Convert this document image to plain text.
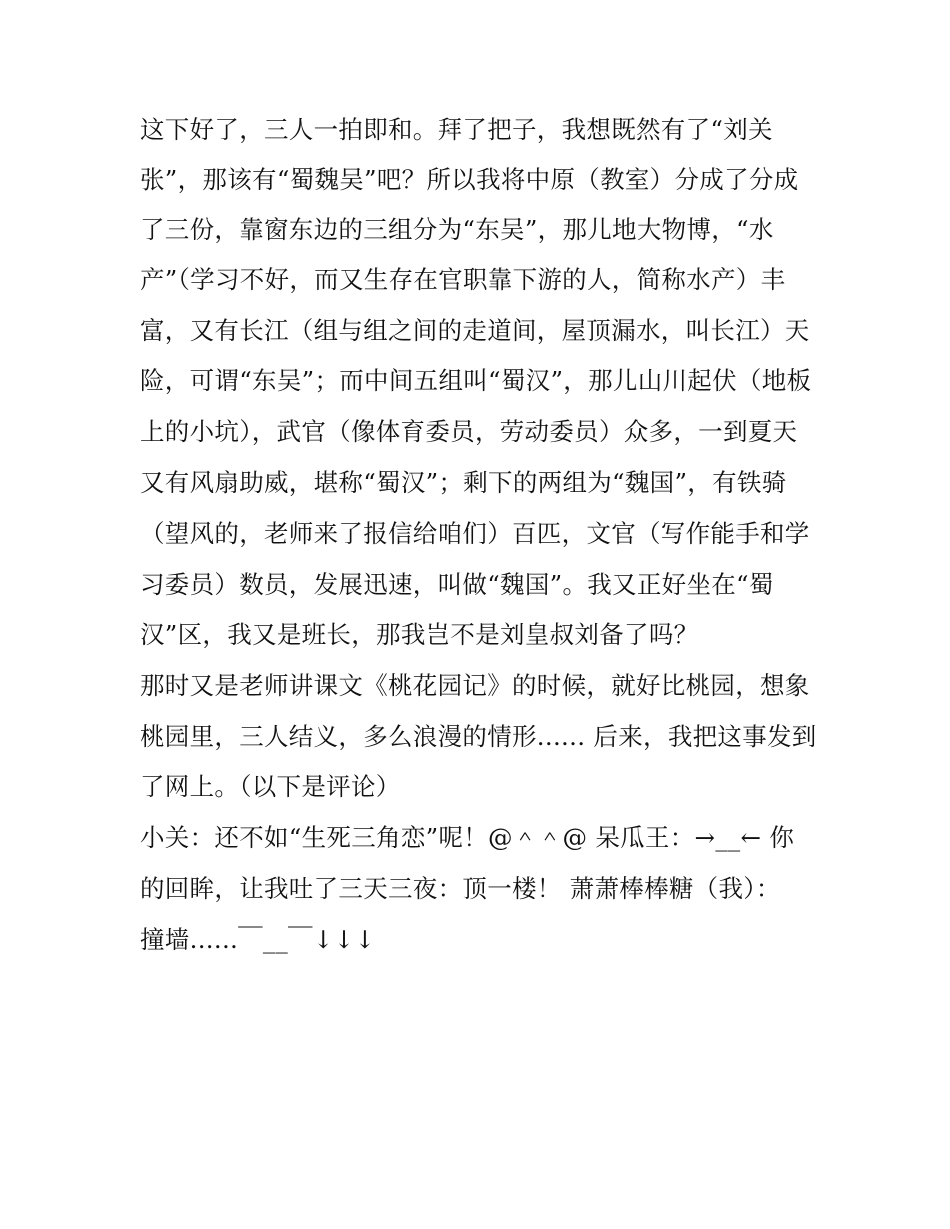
这下好了，三人一拍即和。拜了把子，我想既然有了“刘关
张”，那该有“蜀魏吴”吧？所以我将中原（教室）分成了分成
了三份，靠窗东边的三组分为“东吴”，那儿地大物博，“水
产”（学习不好，而又生存在官职靠下游的人，简称水产）丰
富，又有长江（组与组之间的走道间，屋顶漏水，叫长江）天
险，可谓“东吴”；而中间五组叫“蜀汉”，那儿山川起伏（地板
上的小坑），武官（像体育委员，劳动委员）众多，一到夏天
又有风扇助威，堪称“蜀汉”；剩下的两组为“魏国”，有铁骑
（望风的，老师来了报信给咱们）百匹，文官（写作能手和学
习委员）数员，发展迅速，叫做“魏国”。我又正好坐在“蜀
汉”区，我又是班长，那我岂不是刘皇叔刘备了吗？
那时又是老师讲课文《桃花园记》的时候，就好比桃园，想象
桃园里，三人结义，多么浪漫的情形...... 后来，我把这事发到
了网上。（以下是评论）
小关：还不如“生死三角恋”呢！@＾＾@ 呆瓜王：→__← 你
的回眸，让我吐了三天三夜：顶一楼！ 萧萧棒棒糖（我）：
撞墙......￣__￣↓↓↓
